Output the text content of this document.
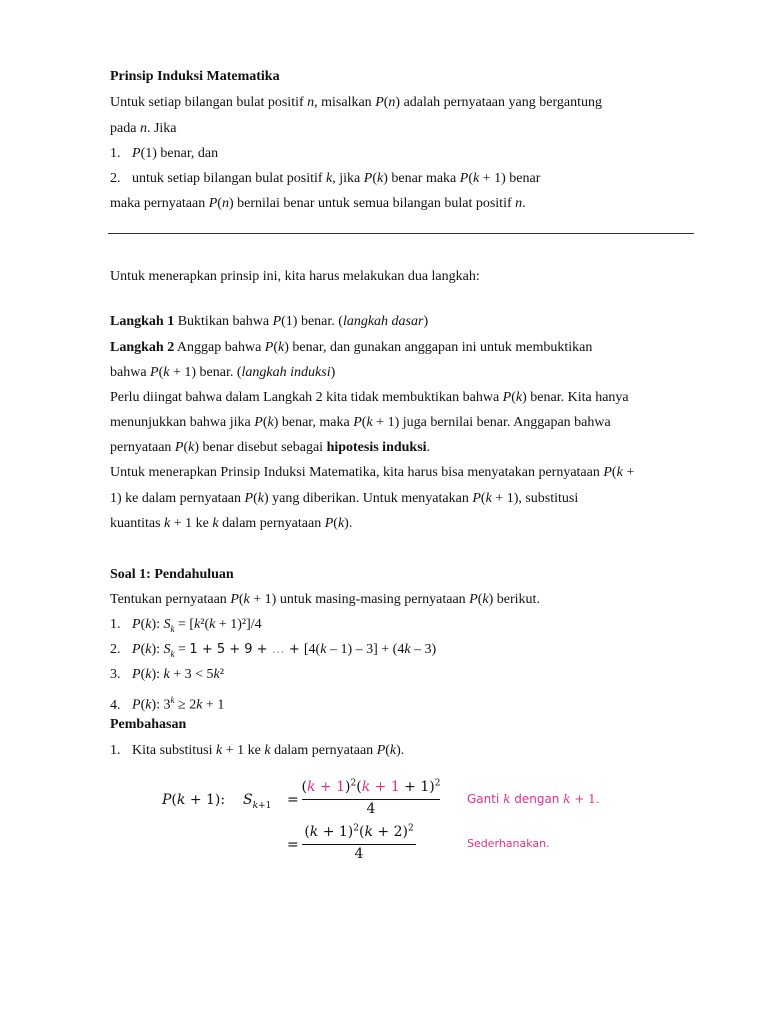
Prinsip Induksi Matematika
Untuk setiap bilangan bulat positif n, misalkan P(n) adalah pernyataan yang bergantung
pada n. Jika
1. P(1) benar, dan
2. untuk setiap bilangan bulat positif k, jika P(k) benar maka P(k + 1) benar
maka pernyataan P(n) bernilai benar untuk semua bilangan bulat positif n.
Untuk menerapkan prinsip ini, kita harus melakukan dua langkah:
Langkah 1 Buktikan bahwa P(1) benar. (langkah dasar)
Langkah 2 Anggap bahwa P(k) benar, dan gunakan anggapan ini untuk membuktikan
bahwa P(k + 1) benar. (langkah induksi)
Perlu diingat bahwa dalam Langkah 2 kita tidak membuktikan bahwa P(k) benar. Kita hanya
menunjukkan bahwa jika P(k) benar, maka P(k + 1) juga bernilai benar. Anggapan bahwa
pernyataan P(k) benar disebut sebagai hipotesis induksi.
Untuk menerapkan Prinsip Induksi Matematika, kita harus bisa menyatakan pernyataan P(k +
1) ke dalam pernyataan P(k) yang diberikan. Untuk menyatakan P(k + 1), substitusi
kuantitas k + 1 ke k dalam pernyataan P(k).
Soal 1: Pendahuluan
Tentukan pernyataan P(k + 1) untuk masing-masing pernyataan P(k) berikut.
1. P(k): $S_k = [k^2(k + 1)^2]/4$
2. P(k): $S_k = 1 + 5 + 9$ + … + [4(k – 1) – 3] + (4k – 3)
3. P(k): k + 3 < 5k²
4. P(k): $3^k \ge 2k + 1$
Pembahasan
1. Kita substitusi k + 1 ke k dalam pernyataan P(k).
P(k + 1): $S_{k+1}$ =
$(k + 1)^2(k + 1 + 1)^2$
4
Ganti k dengan k + 1.
=
$(k + 1)^2(k + 2)^2$
4
Sederhanakan.
